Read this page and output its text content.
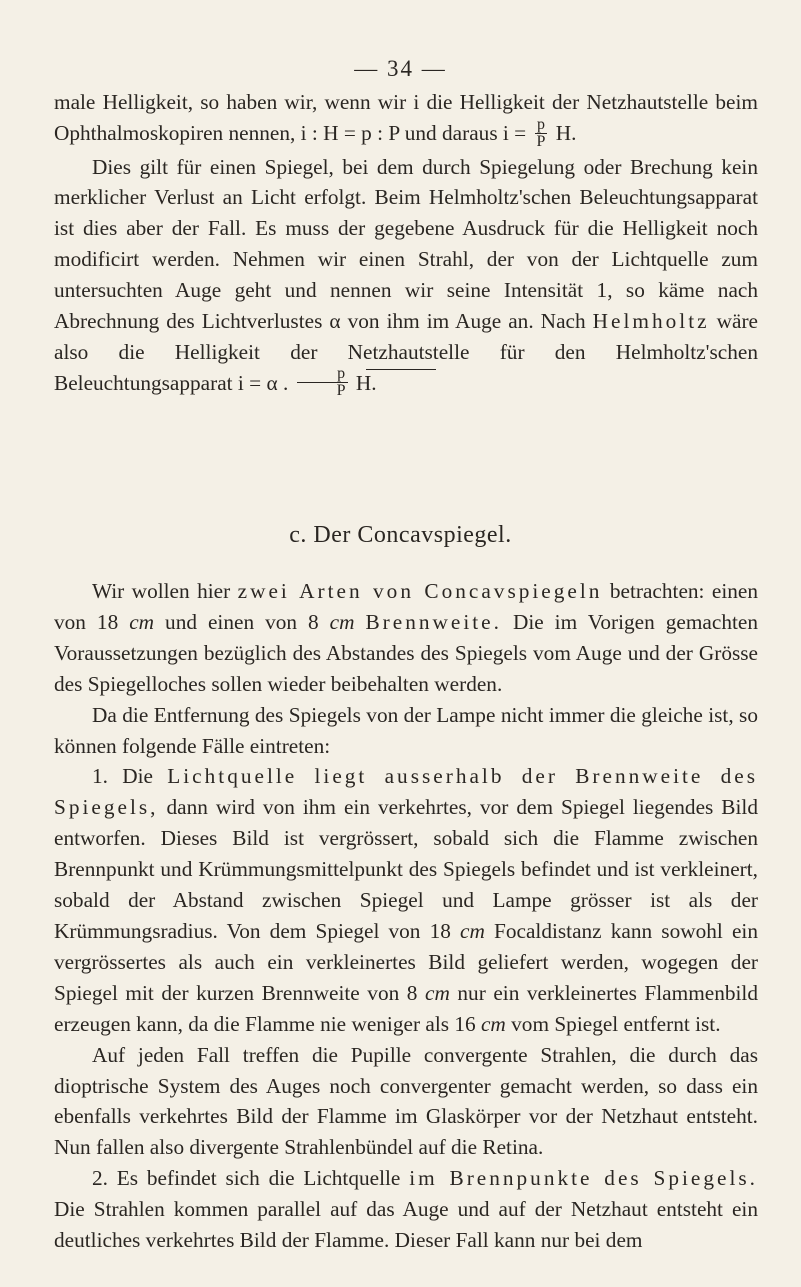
— 34 —

male Helligkeit, so haben wir, wenn wir i die Helligkeit der Netzhautstelle beim Ophthalmoskopiren nennen, i : H = p : P und daraus $i = \frac{p}{P} H$.

Dies gilt für einen Spiegel, bei dem durch Spiegelung oder Brechung kein merklicher Verlust an Licht erfolgt. Beim Helmholtz'schen Beleuchtungsapparat ist dies aber der Fall. Es muss der gegebene Ausdruck für die Helligkeit noch modificirt werden. Nehmen wir einen Strahl, der von der Lichtquelle zum untersuchten Auge geht und nennen wir seine Intensität 1, so käme nach Abrechnung des Lichtverlustes α von ihm im Auge an. Nach Helmholtz wäre also die Helligkeit der Netzhautstelle für den Helmholtz'schen Beleuchtungsapparat i = α . $\frac{p}{P} H$.

c. Der Concavspiegel.

Wir wollen hier zwei Arten von Concavspiegeln betrachten: einen von 18 cm und einen von 8 cm Brennweite. Die im Vorigen gemachten Voraussetzungen bezüglich des Abstandes des Spiegels vom Auge und der Grösse des Spiegelloches sollen wieder beibehalten werden.

Da die Entfernung des Spiegels von der Lampe nicht immer die gleiche ist, so können folgende Fälle eintreten:

1. Die Lichtquelle liegt ausserhalb der Brennweite des Spiegels, dann wird von ihm ein verkehrtes, vor dem Spiegel liegendes Bild entworfen. Dieses Bild ist vergrössert, sobald sich die Flamme zwischen Brennpunkt und Krümmungsmittelpunkt des Spiegels befindet und ist verkleinert, sobald der Abstand zwischen Spiegel und Lampe grösser ist als der Krümmungsradius. Von dem Spiegel von 18 cm Focaldistanz kann sowohl ein vergrössertes als auch ein verkleinertes Bild geliefert werden, wogegen der Spiegel mit der kurzen Brennweite von 8 cm nur ein verkleinertes Flammenbild erzeugen kann, da die Flamme nie weniger als 16 cm vom Spiegel entfernt ist.

Auf jeden Fall treffen die Pupille convergente Strahlen, die durch das dioptrische System des Auges noch convergenter gemacht werden, so dass ein ebenfalls verkehrtes Bild der Flamme im Glaskörper vor der Netzhaut entsteht. Nun fallen also divergente Strahlenbündel auf die Retina.

2. Es befindet sich die Lichtquelle im Brennpunkte des Spiegels. Die Strahlen kommen parallel auf das Auge und auf der Netzhaut entsteht ein deutliches verkehrtes Bild der Flamme. Dieser Fall kann nur bei dem
